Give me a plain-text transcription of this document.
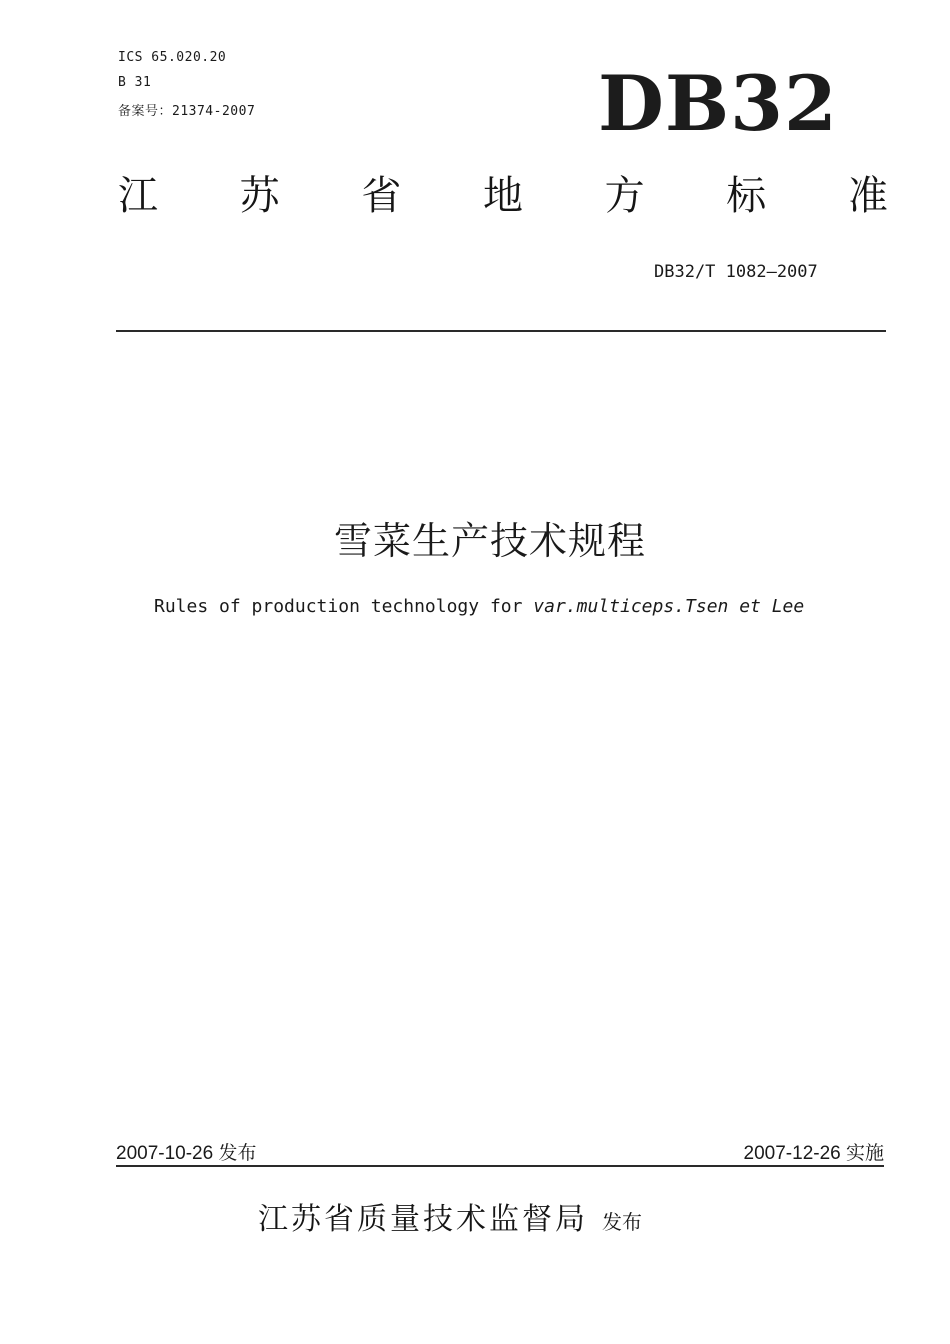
ICS 65.020.20
B 31
备案号：21374-2007	DB32
江 苏 省 地 方 标 准
DB32/T 1082—2007
雪菜生产技术规程
Rules of production technology for var.multiceps.Tsen et Lee
2007-10-26 发布	2007-12-26 实施
江苏省质量技术监督局 发布
